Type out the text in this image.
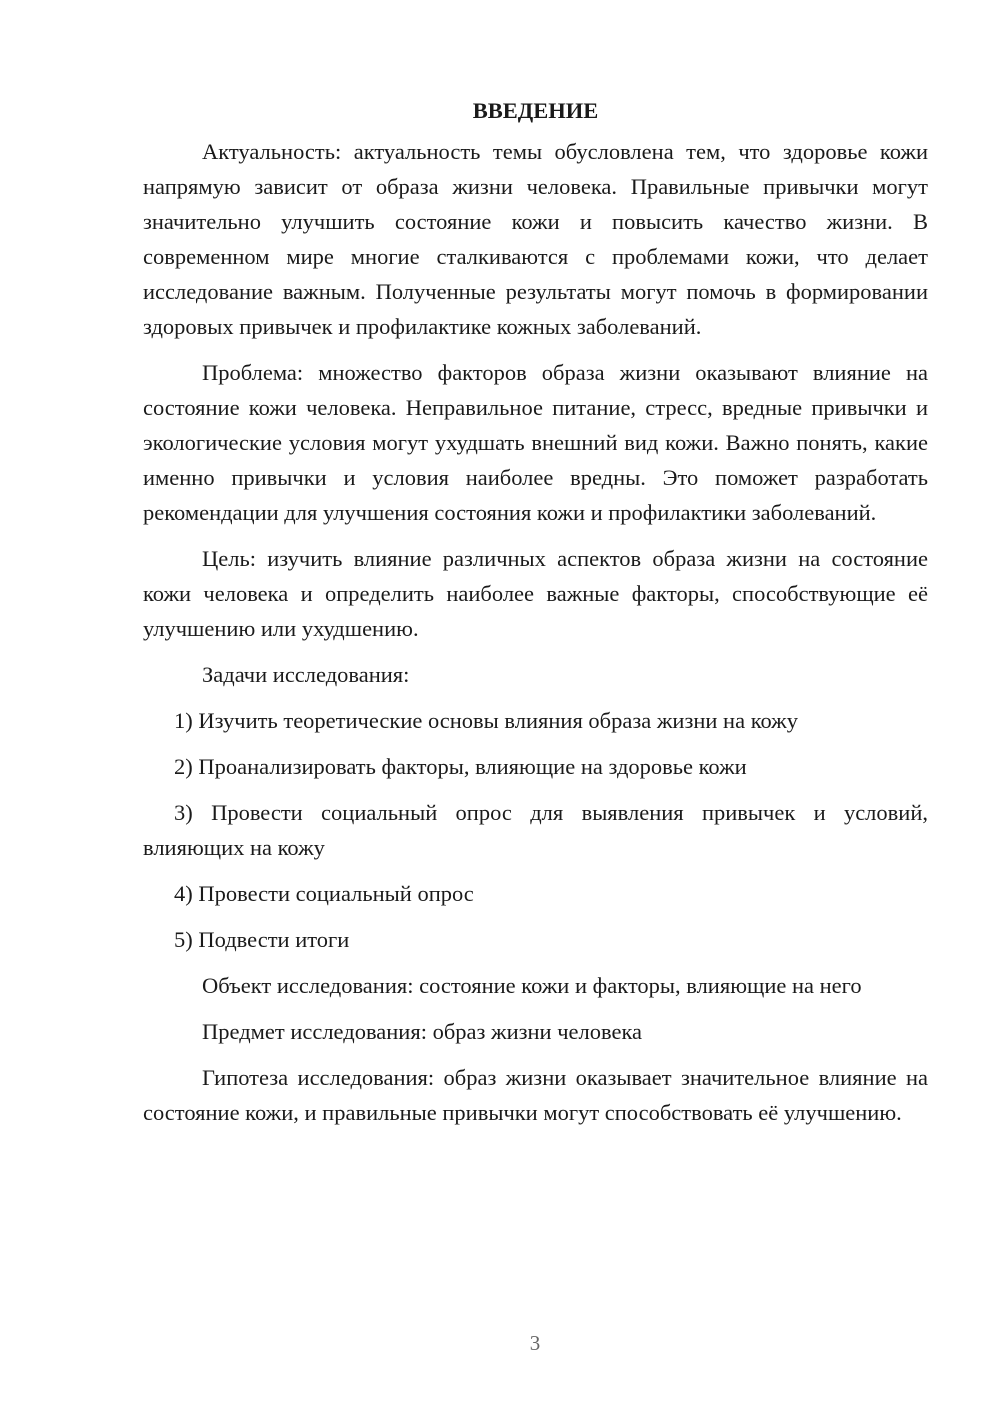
ВВЕДЕНИЕ

Актуальность: актуальность темы обусловлена тем, что здоровье кожи напрямую зависит от образа жизни человека. Правильные привычки могут значительно улучшить состояние кожи и повысить качество жизни. В современном мире многие сталкиваются с проблемами кожи, что делает исследование важным. Полученные результаты могут помочь в формировании здоровых привычек и профилактике кожных заболеваний.

Проблема: множество факторов образа жизни оказывают влияние на состояние кожи человека. Неправильное питание, стресс, вредные привычки и экологические условия могут ухудшать внешний вид кожи. Важно понять, какие именно привычки и условия наиболее вредны. Это поможет разработать рекомендации для улучшения состояния кожи и профилактики заболеваний.

Цель: изучить влияние различных аспектов образа жизни на состояние кожи человека и определить наиболее важные факторы, способствующие её улучшению или ухудшению.

Задачи исследования:

1) Изучить теоретические основы влияния образа жизни на кожу

2) Проанализировать факторы, влияющие на здоровье кожи

3) Провести социальный опрос для выявления привычек и условий, влияющих на кожу

4) Провести социальный опрос

5) Подвести итоги

Объект исследования: состояние кожи и факторы, влияющие на него

Предмет исследования: образ жизни человека

Гипотеза исследования: образ жизни оказывает значительное влияние на состояние кожи, и правильные привычки могут способствовать её улучшению.

3
